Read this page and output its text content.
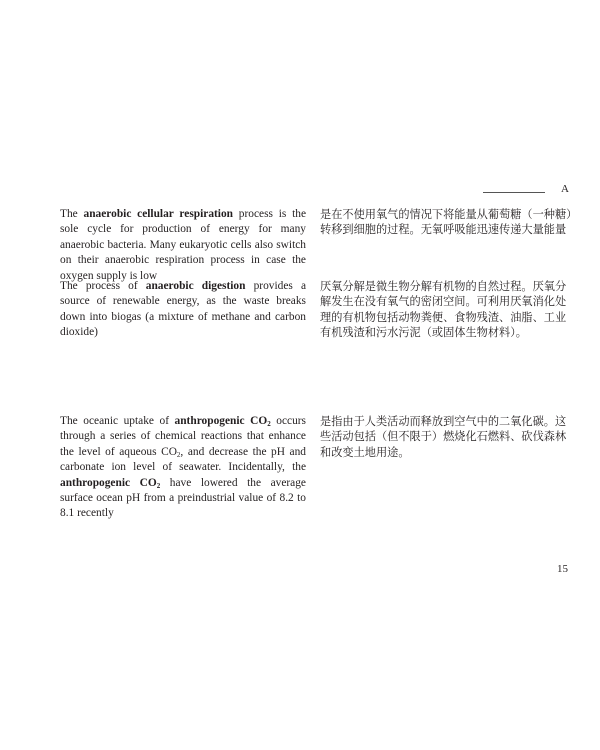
A
The anaerobic cellular respiration process is the sole cycle for production of energy for many anaerobic bacteria. Many eukaryotic cells also switch on their anaerobic respiration process in case the oxygen supply is low
是在不使用氧气的情况下将能量从葡萄糖（一种糖）转移到细胞的过程。无氧呼吸能迅速传递大量能量
The process of anaerobic digestion provides a source of renewable energy, as the waste breaks down into biogas (a mixture of methane and carbon dioxide)
厌氧分解是微生物分解有机物的自然过程。厌氧分解发生在没有氧气的密闭空间。可利用厌氧消化处理的有机物包括动物粪便、食物残渣、油脂、工业有机残渣和污水污泥（或固体生物材料）。
The oceanic uptake of anthropogenic $CO_2$ occurs through a series of chemical reactions that enhance the level of aqueous $CO_2$, and decrease the pH and carbonate ion level of seawater. Incidentally, the anthropogenic $CO_2$ have lowered the average surface ocean pH from a preindustrial value of 8.2 to 8.1 recently
是指由于人类活动而释放到空气中的二氧化碳。这些活动包括（但不限于）燃烧化石燃料、砍伐森林和改变土地用途。
15
